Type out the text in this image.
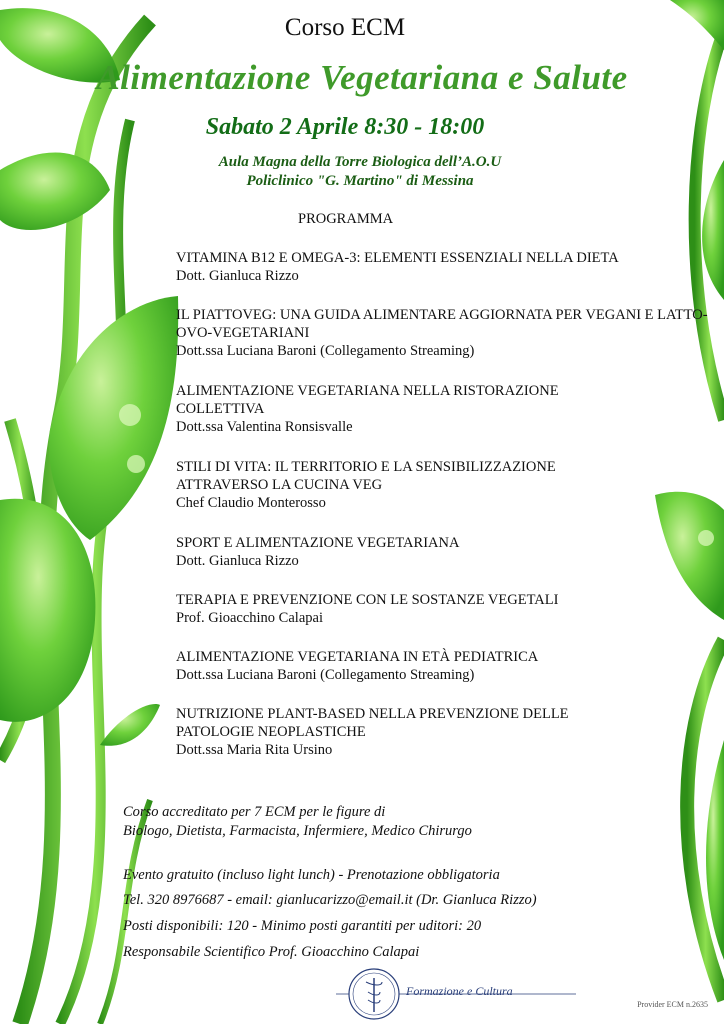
Corso ECM
Alimentazione Vegetariana e Salute
Sabato 2 Aprile 8:30 - 18:00
Aula Magna della Torre Biologica dell’A.O.U
Policlinico "G. Martino" di Messina
PROGRAMMA
VITAMINA B12 E OMEGA-3: ELEMENTI ESSENZIALI NELLA DIETA
Dott. Gianluca Rizzo
IL PIATTOVEG: UNA GUIDA ALIMENTARE AGGIORNATA PER VEGANI E LATTO-OVO-VEGETARIANI
Dott.ssa Luciana Baroni (Collegamento Streaming)
ALIMENTAZIONE VEGETARIANA NELLA RISTORAZIONE COLLETTIVA
Dott.ssa Valentina Ronsisvalle
STILI DI VITA: IL TERRITORIO E LA SENSIBILIZZAZIONE ATTRAVERSO LA CUCINA VEG
Chef Claudio Monterosso
SPORT E ALIMENTAZIONE VEGETARIANA
Dott. Gianluca Rizzo
TERAPIA E PREVENZIONE CON LE SOSTANZE VEGETALI
Prof. Gioacchino Calapai
ALIMENTAZIONE VEGETARIANA IN ETÀ PEDIATRICA
Dott.ssa Luciana Baroni (Collegamento Streaming)
NUTRIZIONE PLANT-BASED NELLA PREVENZIONE DELLE PATOLOGIE NEOPLASTICHE
Dott.ssa Maria Rita Ursino
Corso accreditato per 7 ECM per le figure di
Biologo, Dietista, Farmacista, Infermiere, Medico Chirurgo
Evento gratuito (incluso light lunch) - Prenotazione obbligatoria
Tel. 320 8976687 - email: gianlucarizzo@email.it (Dr. Gianluca Rizzo)
Posti disponibili: 120 - Minimo posti garantiti per uditori: 20
Responsabile Scientifico Prof. Gioacchino Calapai
Formazione e Cultura
Provider ECM n.2635
